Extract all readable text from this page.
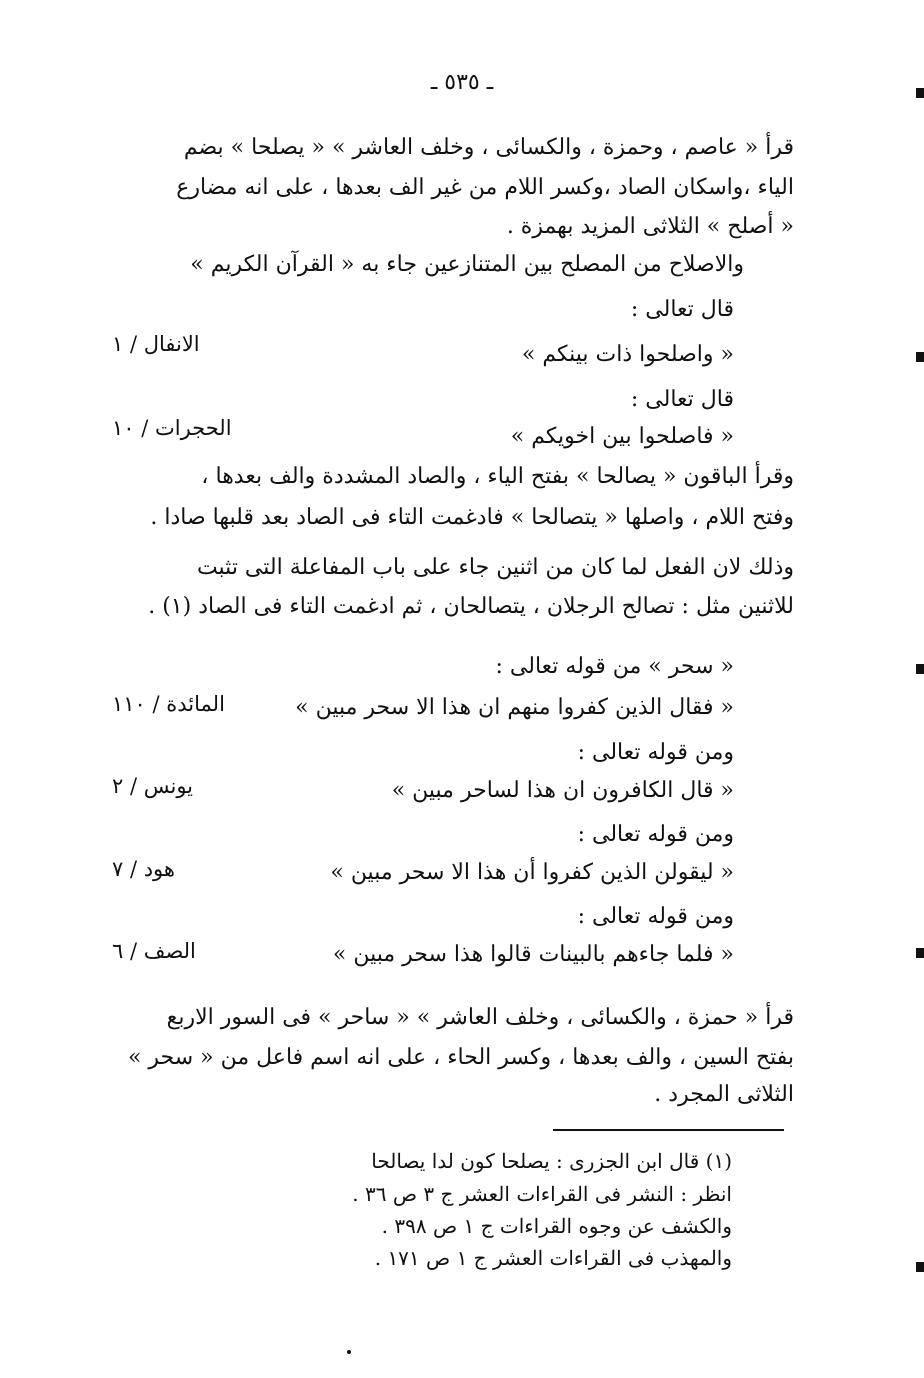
ـ ٥٣٥ ـ
قرأ « عاصم ، وحمزة ، والكسائى ، وخلف العاشر » « يصلحا » بضم
الياء ،واسكان الصاد ،وكسر اللام من غير الف بعدها ، على انه مضارع
« أصلح » الثلاثى المزيد بهمزة .
والاصلاح من المصلح بين المتنازعين جاء به « القرآن الكريم »
قال تعالى :
« واصلحوا ذات بينكم »
الانفال / ١
قال تعالى :
« فاصلحوا بين اخويكم »
الحجرات / ١٠
وقرأ الباقون « يصالحا » بفتح الياء ، والصاد المشددة والف بعدها ،
وفتح اللام ، واصلها « يتصالحا » فادغمت التاء فى الصاد بعد قلبها صادا .
وذلك لان الفعل لما كان من اثنين جاء على باب المفاعلة التى تثبت
للاثنين مثل : تصالح الرجلان ، يتصالحان ، ثم ادغمت التاء فى الصاد (١) .
« سحر » من قوله تعالى :
« فقال الذين كفروا منهم ان هذا الا سحر مبين »
المائدة / ١١٠
ومن قوله تعالى :
« قال الكافرون ان هذا لساحر مبين »
يونس / ٢
ومن قوله تعالى :
« ليقولن الذين كفروا أن هذا الا سحر مبين »
هود / ٧
ومن قوله تعالى :
« فلما جاءهم بالبينات قالوا هذا سحر مبين »
الصف / ٦
قرأ « حمزة ، والكسائى ، وخلف العاشر » « ساحر » فى السور الاربع
بفتح السين ، والف بعدها ، وكسر الحاء ، على انه اسم فاعل من « سحر »
الثلاثى المجرد .
(١) قال ابن الجزرى : يصلحا كون لدا يصالحا
انظر : النشر فى القراءات العشر ج ٣ ص ٣٦ .
والكشف عن وجوه القراءات ج ١ ص ٣٩٨ .
والمهذب فى القراءات العشر ج ١ ص ١٧١ .
